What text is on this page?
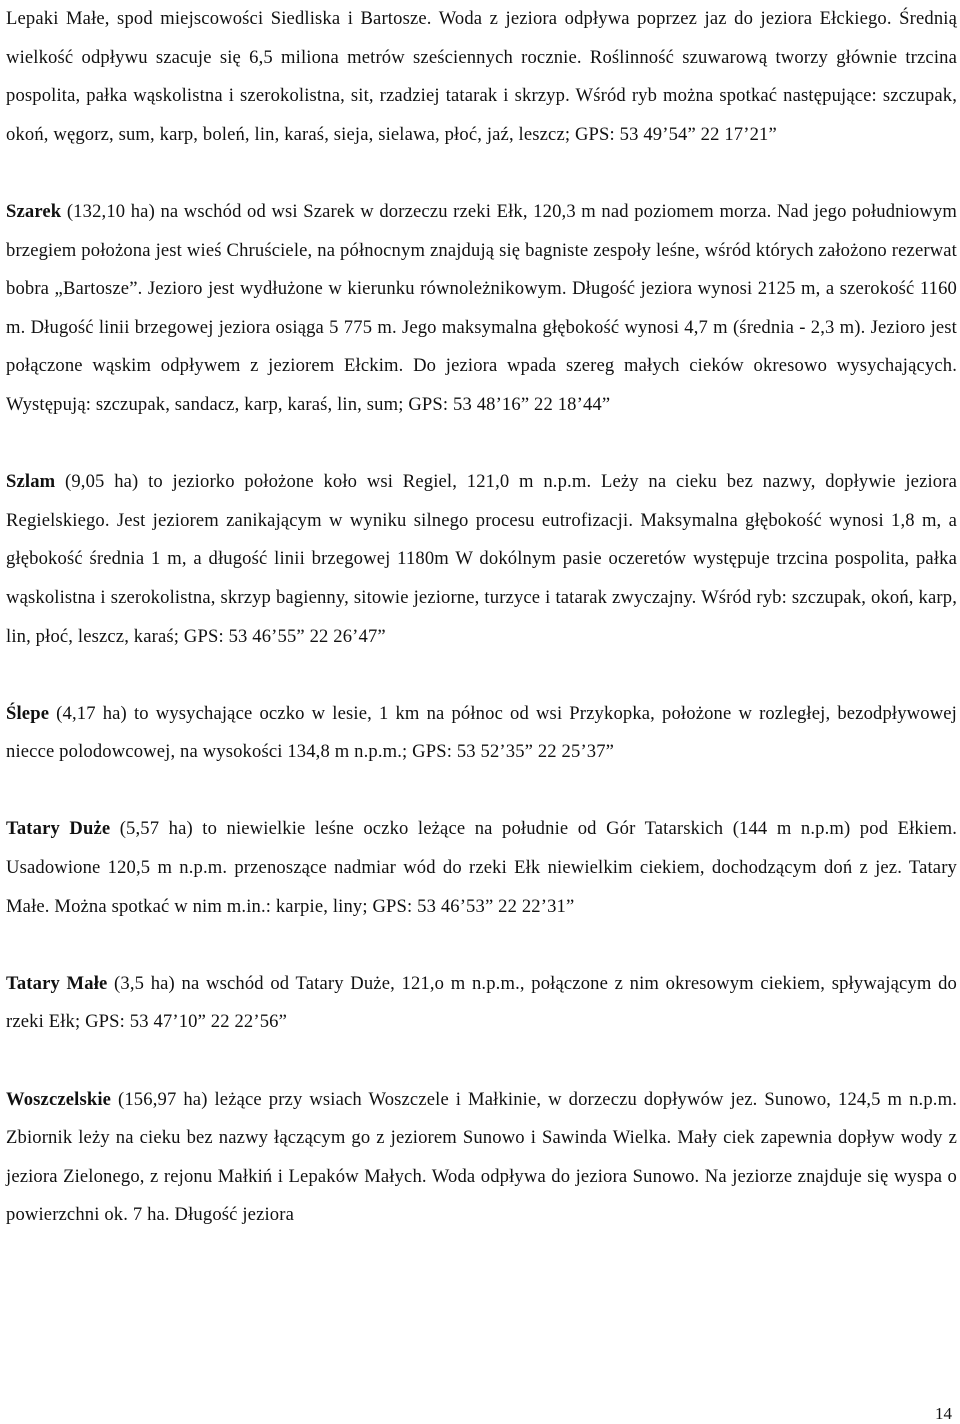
Lepaki Małe, spod miejscowości Siedliska i Bartosze. Woda z jeziora odpływa poprzez jaz do jeziora Ełckiego. Średnią wielkość odpływu szacuje się 6,5 miliona metrów sześciennych rocznie. Roślinność szuwarową tworzy głównie trzcina pospolita, pałka wąskolistna i szerokolistna, sit, rzadziej tatarak i skrzyp. Wśród ryb można spotkać następujące: szczupak, okoń, węgorz, sum, karp, boleń, lin, karaś, sieja, sielawa, płoć, jaź, leszcz; GPS: 53 49’54” 22 17’21”

Szarek (132,10 ha) na wschód od wsi Szarek w dorzeczu rzeki Ełk, 120,3 m nad poziomem morza. Nad jego południowym brzegiem położona jest wieś Chruściele, na północnym znajdują się bagniste zespoły leśne, wśród których założono rezerwat bobra „Bartosze”. Jezioro jest wydłużone w kierunku równoleżnikowym. Długość jeziora wynosi 2125 m, a szerokość 1160 m. Długość linii brzegowej jeziora osiąga 5 775 m. Jego maksymalna głębokość wynosi 4,7 m (średnia - 2,3 m). Jezioro jest połączone wąskim odpływem z jeziorem Ełckim. Do jeziora wpada szereg małych cieków okresowo wysychających. Występują: szczupak, sandacz, karp, karaś, lin, sum; GPS: 53 48’16” 22 18’44”

Szlam (9,05 ha) to jeziorko położone koło wsi Regiel, 121,0 m n.p.m. Leży na cieku bez nazwy, dopływie jeziora Regielskiego. Jest jeziorem zanikającym w wyniku silnego procesu eutrofizacji. Maksymalna głębokość wynosi 1,8 m, a głębokość średnia 1 m, a długość linii brzegowej 1180m W dokólnym pasie oczeretów występuje trzcina pospolita, pałka wąskolistna i szerokolistna, skrzyp bagienny, sitowie jeziorne, turzyce i tatarak zwyczajny. Wśród ryb: szczupak, okoń, karp, lin, płoć, leszcz, karaś; GPS: 53 46’55” 22 26’47”

Ślepe (4,17 ha) to wysychające oczko w lesie, 1 km na północ od wsi Przykopka, położone w rozległej, bezodpływowej niecce polodowcowej, na wysokości 134,8 m n.p.m.; GPS: 53 52’35” 22 25’37”

Tatary Duże (5,57 ha) to niewielkie leśne oczko leżące na południe od Gór Tatarskich (144 m n.p.m) pod Ełkiem. Usadowione 120,5 m n.p.m. przenoszące nadmiar wód do rzeki Ełk niewielkim ciekiem, dochodzącym doń z jez. Tatary Małe. Można spotkać w nim m.in.: karpie, liny; GPS: 53 46’53” 22 22’31”

Tatary Małe (3,5 ha) na wschód od Tatary Duże, 121,o m n.p.m., połączone z nim okresowym ciekiem, spływającym do rzeki Ełk; GPS: 53 47’10” 22 22’56”

Woszczelskie (156,97 ha) leżące przy wsiach Woszczele i Małkinie, w dorzeczu dopływów jez. Sunowo, 124,5 m n.p.m. Zbiornik leży na cieku bez nazwy łączącym go z jeziorem Sunowo i Sawinda Wielka. Mały ciek zapewnia dopływ wody z jeziora Zielonego, z rejonu Małkiń i Lepaków Małych. Woda odpływa do jeziora Sunowo. Na jeziorze znajduje się wyspa o powierzchni ok. 7 ha. Długość jeziora

14
